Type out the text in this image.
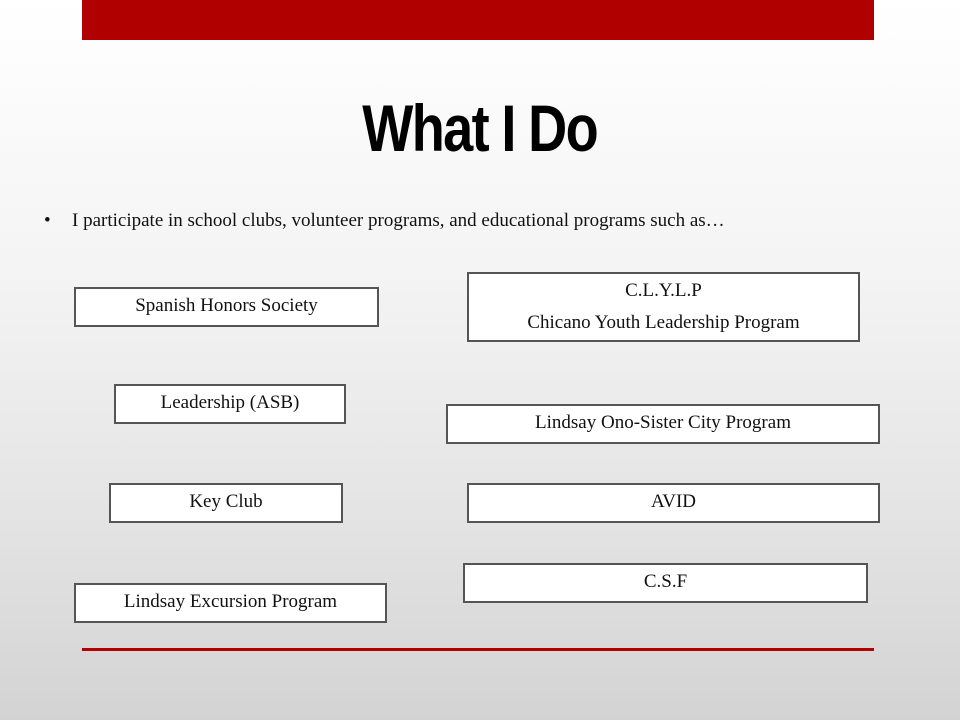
What I Do
• I participate in school clubs, volunteer programs, and educational programs such as…
Spanish Honors Society
Leadership (ASB)
Key Club
Lindsay Excursion Program
C.L.Y.L.P
Chicano Youth Leadership Program
Lindsay Ono-Sister City Program
AVID
C.S.F
